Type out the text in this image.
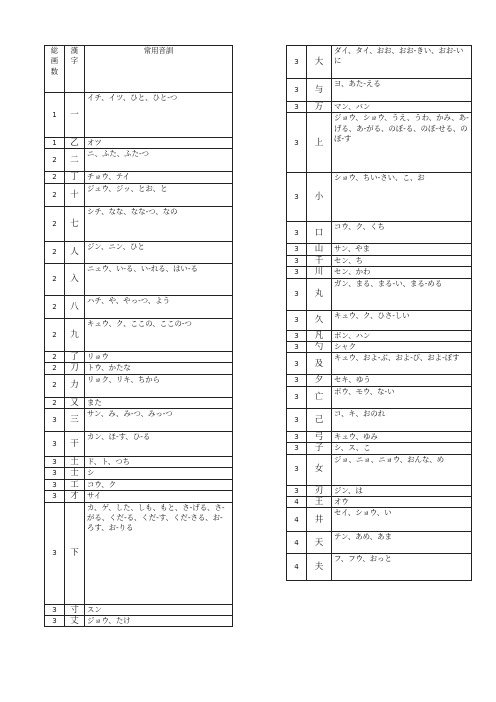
総画数	漢字	常用音訓
1	一	イチ、イツ、ひと、ひと-つ
1	乙	オツ
2	二	ニ、ふた、ふた-つ
2	丁	チョウ、テイ
2	十	ジュウ、ジッ、とお、と
2	七	シチ、なな、なな-つ、なの
2	人	ジン、ニン、ひと
2	入	ニュウ、い-る、い-れる、はい-る
2	八	ハチ、や、やっ-つ、よう
2	九	キュウ、ク、ここの、ここの-つ
2	了	リョウ
2	刀	トウ、かたな
2	力	リョク、リキ、ちから
2	又	また
3	三	サン、み、み-つ、みっ-つ
3	干	カン、ほ-す、ひ-る
3	土	ド、ト、つち
3	士	シ
3	工	コウ、ク
3	才	サイ
3	下	カ、ゲ、した、しも、もと、さ-げる、さ-がる、くだ-る、くだ-す、くだ-さる、お-ろす、お-りる
3	寸	スン
3	丈	ジョウ、たけ
3	大	ダイ、タイ、おお、おお-きい、おお-いに
3	与	ヨ、あた-える
3	万	マン、バン
3	上	ジョウ、ショウ、うえ、うわ、かみ、あ-げる、あ-がる、のぼ-る、のぼ-せる、のぼ-す
3	小	ショウ、ちい-さい、こ、お
3	口	コウ、ク、くち
3	山	サン、やま
3	千	セン、ち
3	川	セン、かわ
3	丸	ガン、まる、まる-い、まる-める
3	久	キュウ、ク、ひさ-しい
3	凡	ボン、ハン
3	勺	シャク
3	及	キュウ、およ-ぶ、およ-び、およ-ぼす
3	夕	セキ、ゆう
3	亡	ボウ、モウ、な-い
3	己	コ、キ、おのれ
3	弓	キュウ、ゆみ
3	子	シ、ス、こ
3	女	ジョ、ニョ、ニョウ、おんな、め
3	刃	ジン、は
4	王	オウ
4	井	セイ、ショウ、い
4	天	テン、あめ、あま
4	夫	フ、フウ、おっと
